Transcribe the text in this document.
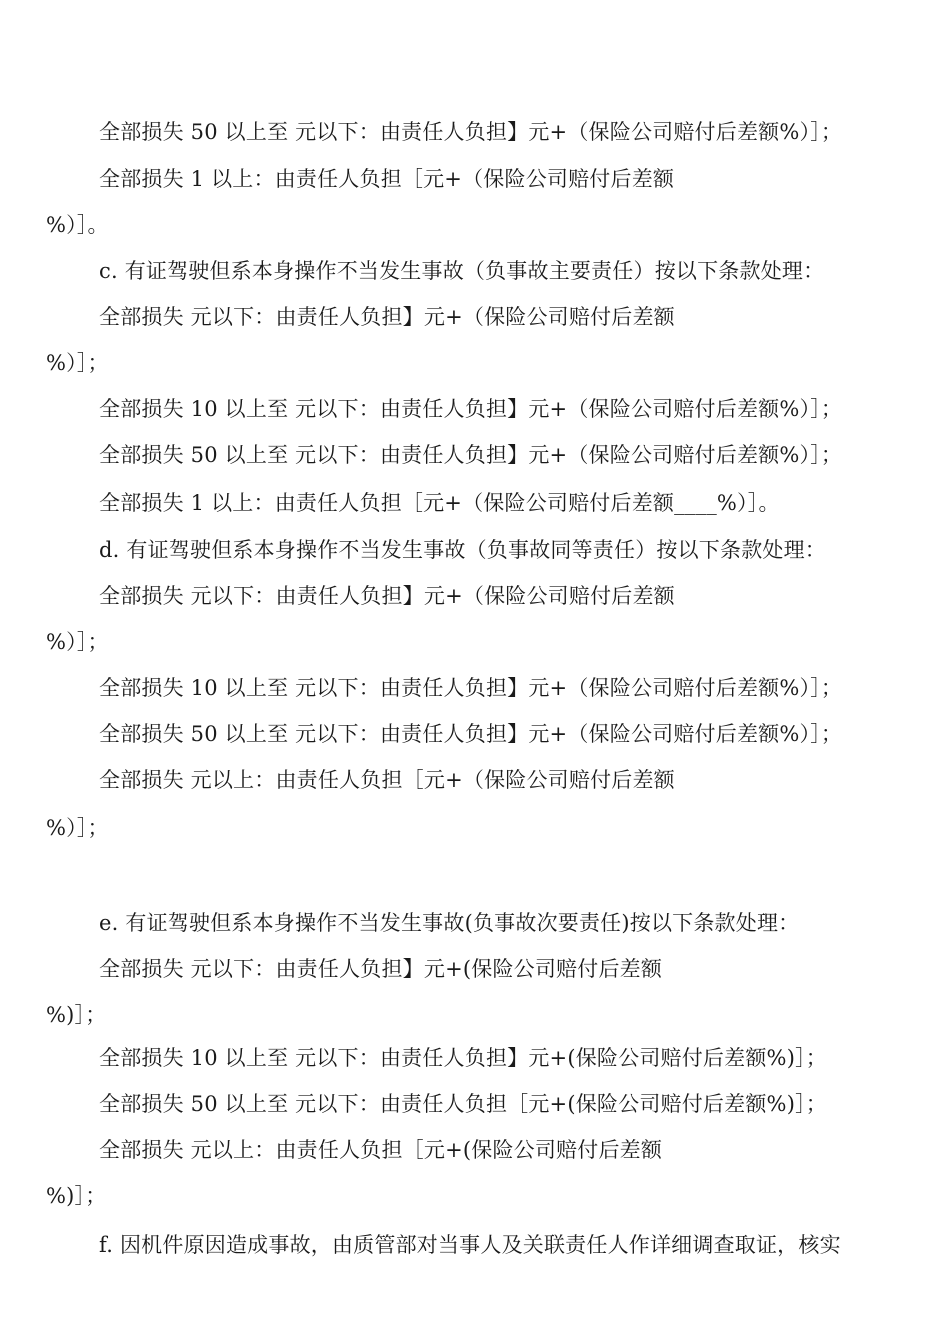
全部损失 50 以上至 元以下：由责任人负担】元+（保险公司赔付后差额%）］；
全部损失 1 以上：由责任人负担［元+（保险公司赔付后差额
%）］。
c. 有证驾驶但系本身操作不当发生事故（负事故主要责任）按以下条款处理：
全部损失 元以下：由责任人负担】元+（保险公司赔付后差额
%）］；
全部损失 10 以上至 元以下：由责任人负担】元+（保险公司赔付后差额%）］；
全部损失 50 以上至 元以下：由责任人负担】元+（保险公司赔付后差额%）］；
全部损失 1 以上：由责任人负担［元+（保险公司赔付后差额____%）］。
d. 有证驾驶但系本身操作不当发生事故（负事故同等责任）按以下条款处理：
全部损失 元以下：由责任人负担】元+（保险公司赔付后差额
%）］；
全部损失 10 以上至 元以下：由责任人负担】元+（保险公司赔付后差额%）］；
全部损失 50 以上至 元以下：由责任人负担】元+（保险公司赔付后差额%）］；
全部损失 元以上：由责任人负担［元+（保险公司赔付后差额
%）］；
e. 有证驾驶但系本身操作不当发生事故(负事故次要责任)按以下条款处理：
全部损失 元以下：由责任人负担】元+(保险公司赔付后差额
%)］；
全部损失 10 以上至 元以下：由责任人负担】元+(保险公司赔付后差额%)］；
全部损失 50 以上至 元以下：由责任人负担［元+(保险公司赔付后差额%)］；
全部损失 元以上：由责任人负担［元+(保险公司赔付后差额
%)］；
f. 因机件原因造成事故，由质管部对当事人及关联责任人作详细调查取证，核实
